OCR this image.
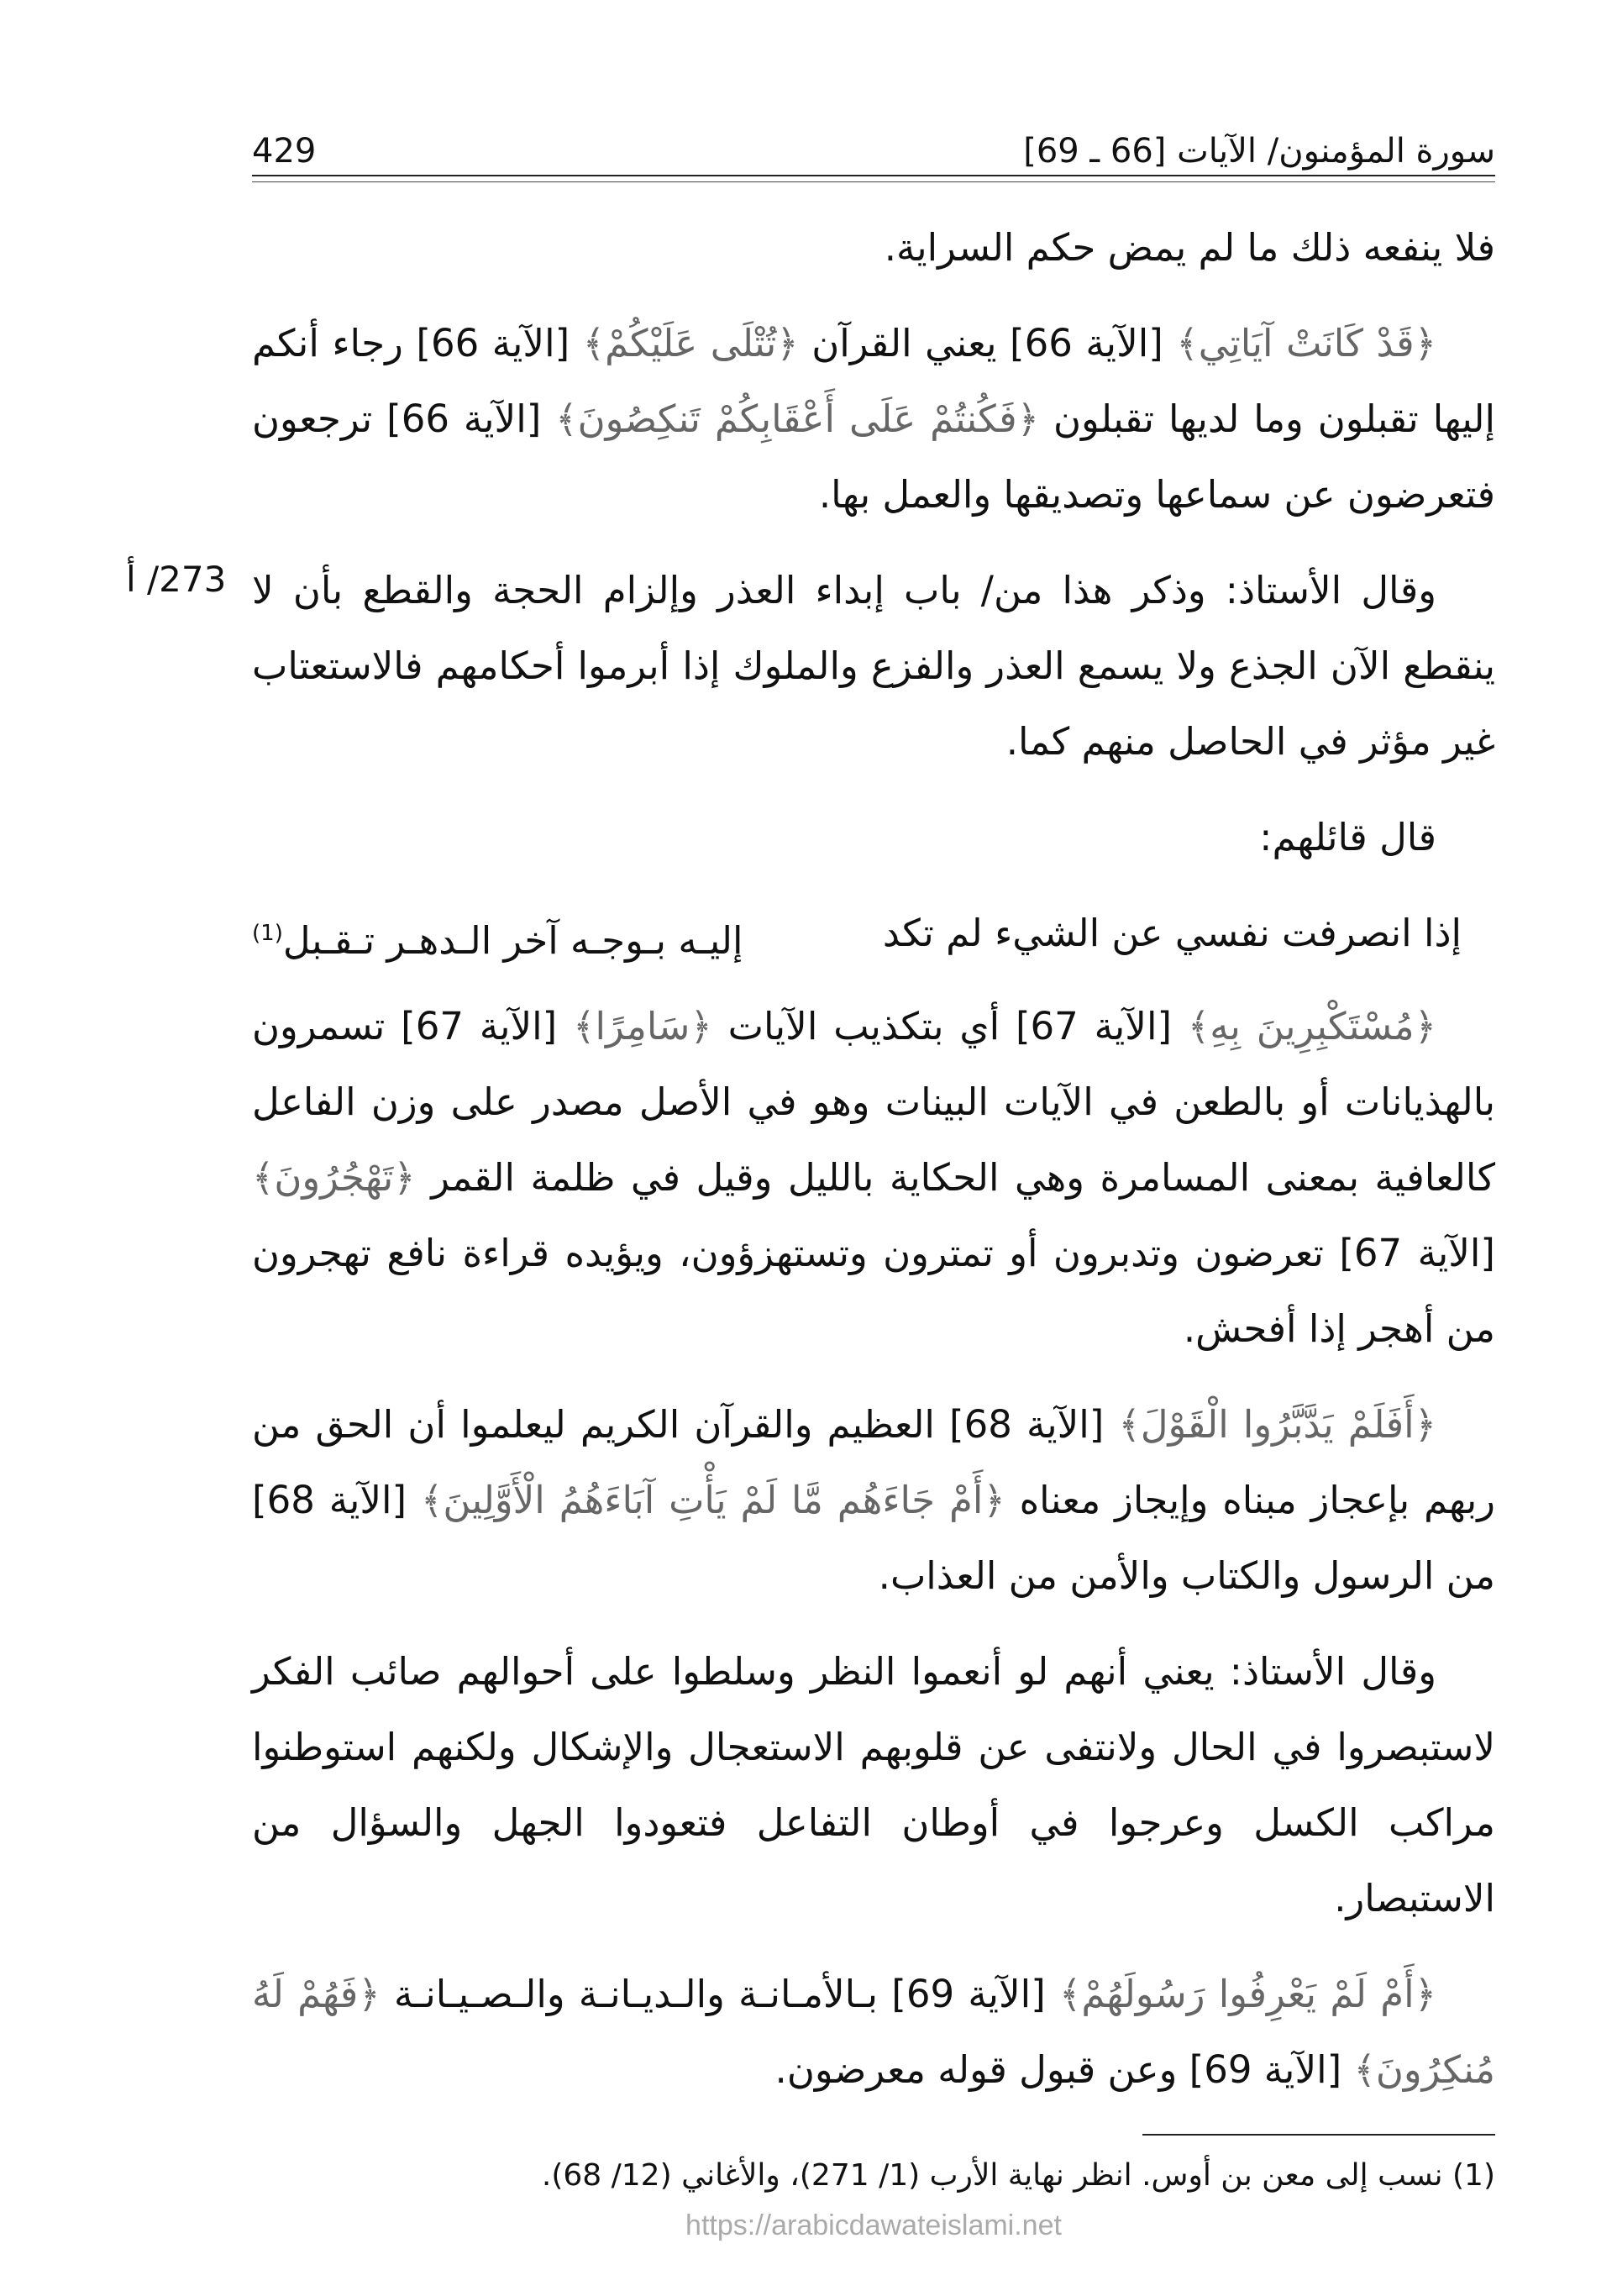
سورة المؤمنون/ الآيات [66 ـ 69]
429

فلا ينفعه ذلك ما لم يمض حكم السراية.

﴿قَدْ كَانَتْ آيَاتِي﴾ [الآية 66] يعني القرآن ﴿تُتْلَى عَلَيْكُمْ﴾ [الآية 66] رجاء أنكم إليها تقبلون وما لديها تقبلون ﴿فَكُنتُمْ عَلَى أَعْقَابِكُمْ تَنكِصُونَ﴾ [الآية 66] ترجعون فتعرضون عن سماعها وتصديقها والعمل بها.

وقال الأستاذ: وذكر هذا من/ باب إبداء العذر وإلزام الحجة والقطع بأن لا ينقطع الآن الجذع ولا يسمع العذر والفزع والملوك إذا أبرموا أحكامهم فالاستعتاب غير مؤثر في الحاصل منهم كما.

قال قائلهم:

إذا انصرفت نفسي عن الشيء لم تكد
إليـه بـوجـه آخر الـدهـر تـقـبل$^{(1)}$

﴿مُسْتَكْبِرِينَ بِهِ﴾ [الآية 67] أي بتكذيب الآيات ﴿سَامِرًا﴾ [الآية 67] تسمرون بالهذيانات أو بالطعن في الآيات البينات وهو في الأصل مصدر على وزن الفاعل كالعافية بمعنى المسامرة وهي الحكاية بالليل وقيل في ظلمة القمر ﴿تَهْجُرُونَ﴾ [الآية 67] تعرضون وتدبرون أو تمترون وتستهزؤون، ويؤيده قراءة نافع تهجرون من أهجر إذا أفحش.

﴿أَفَلَمْ يَدَّبَّرُوا الْقَوْلَ﴾ [الآية 68] العظيم والقرآن الكريم ليعلموا أن الحق من ربهم بإعجاز مبناه وإيجاز معناه ﴿أَمْ جَاءَهُم مَّا لَمْ يَأْتِ آبَاءَهُمُ الْأَوَّلِينَ﴾ [الآية 68] من الرسول والكتاب والأمن من العذاب.

وقال الأستاذ: يعني أنهم لو أنعموا النظر وسلطوا على أحوالهم صائب الفكر لاستبصروا في الحال ولانتفى عن قلوبهم الاستعجال والإشكال ولكنهم استوطنوا مراكب الكسل وعرجوا في أوطان التفاعل فتعودوا الجهل والسؤال من الاستبصار.

﴿أَمْ لَمْ يَعْرِفُوا رَسُولَهُمْ﴾ [الآية 69] بـالأمـانـة والـديـانـة والـصـيـانـة ﴿فَهُمْ لَهُ مُنكِرُونَ﴾ [الآية 69] وعن قبول قوله معرضون.

(1) نسب إلى معن بن أوس. انظر نهاية الأرب (1/ 271)، والأغاني (12/ 68).
https://arabicdawateislami.net
273/ أ
